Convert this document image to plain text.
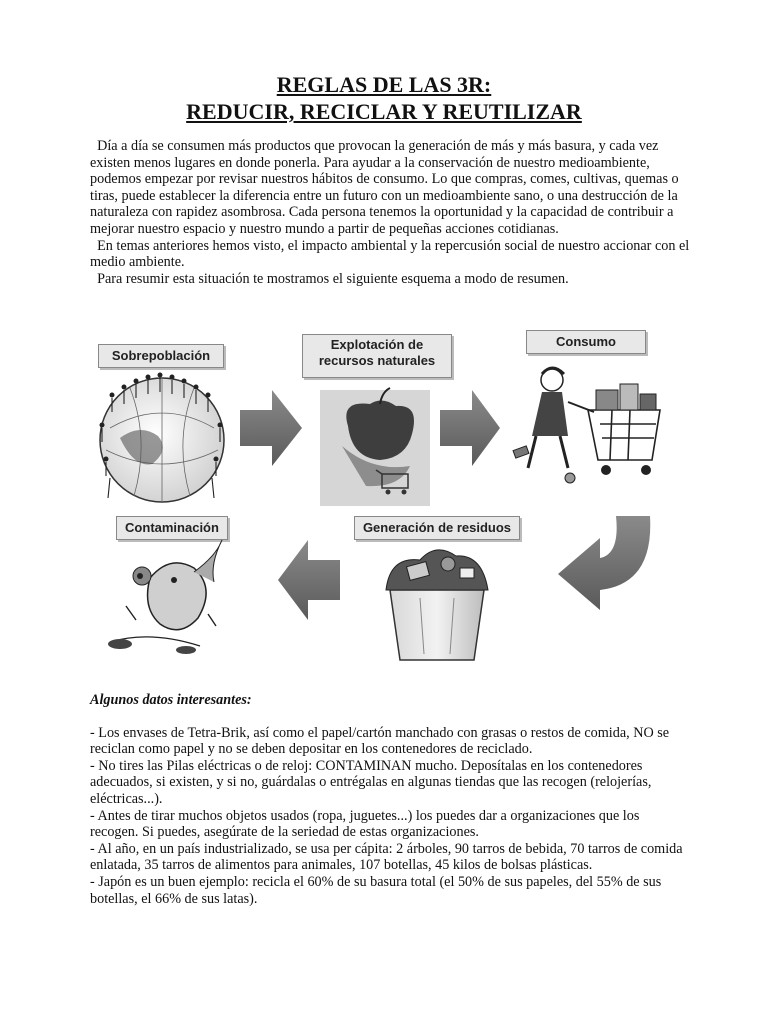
REGLAS DE LAS 3R:
REDUCIR, RECICLAR Y REUTILIZAR

Día a día se consumen más productos que provocan la generación de más y más basura, y cada vez existen menos lugares en donde ponerla. Para ayudar a la conservación de nuestro medioambiente, podemos empezar por revisar nuestros hábitos de consumo. Lo que compras, comes, cultivas, quemas o tiras, puede establecer la diferencia entre un futuro con un medioambiente sano, o una destrucción de la naturaleza con rapidez asombrosa. Cada persona tenemos la oportunidad y la capacidad de contribuir a mejorar nuestro espacio y nuestro mundo a partir de pequeñas acciones cotidianas.

En temas anteriores hemos visto, el impacto ambiental y la repercusión social de nuestro accionar con el medio ambiente.

Para resumir esta situación te mostramos el siguiente esquema a modo de resumen.

Sobrepoblación
Explotación de
recursos naturales
Consumo
Contaminación	Generación de residuos
Algunos datos interesantes:

- Los envases de Tetra-Brik, así como el papel/cartón manchado con grasas o restos de comida, NO se reciclan como papel y no se deben depositar en los contenedores de reciclado.

- No tires las Pilas eléctricas o de reloj: CONTAMINAN mucho. Deposítalas en los contenedores adecuados, si existen, y si no, guárdalas o entrégalas en algunas tiendas que las recogen (relojerías, eléctricas...).

- Antes de tirar muchos objetos usados (ropa, juguetes...) los puedes dar a organizaciones que los recogen. Si puedes, asegúrate de la seriedad de estas organizaciones.

- Al año, en un país industrializado, se usa per cápita: 2 árboles, 90 tarros de bebida, 70 tarros de comida enlatada, 35 tarros de alimentos para animales, 107 botellas, 45 kilos de bolsas plásticas.

- Japón es un buen ejemplo: recicla el 60% de su basura total (el 50% de sus papeles, del 55% de sus botellas, el 66% de sus latas).
